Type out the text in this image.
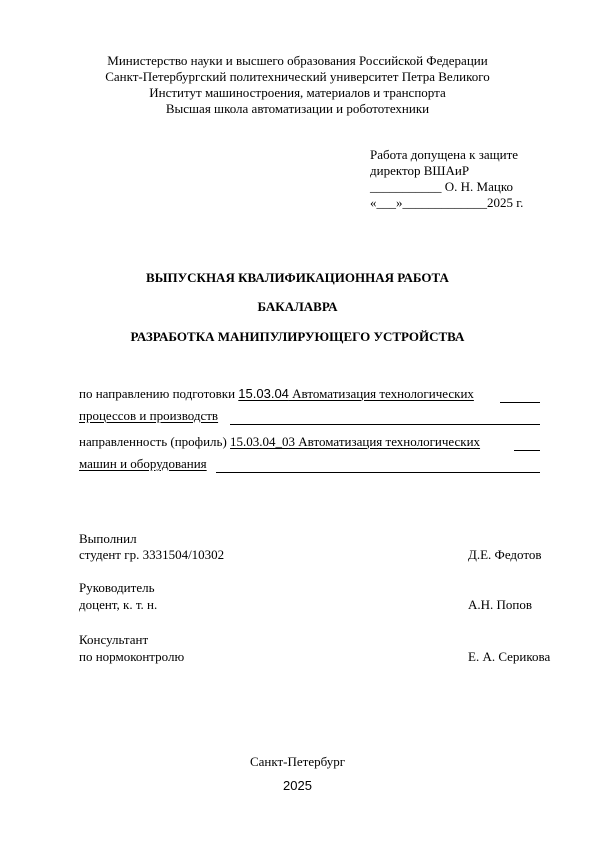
Министерство науки и высшего образования Российской Федерации
Санкт-Петербургский политехнический университет Петра Великого
Институт машиностроения, материалов и транспорта
Высшая школа автоматизации и робототехники
Работа допущена к защите
директор ВШАиР
___________ О. Н. Мацко
«___»_____________2025 г.
ВЫПУСКНАЯ КВАЛИФИКАЦИОННАЯ РАБОТА
БАКАЛАВРА
РАЗРАБОТКА МАНИПУЛИРУЮЩЕГО УСТРОЙСТВА
по направлению подготовки 15.03.04 Автоматизация технологических
процессов и производств
направленность (профиль) 15.03.04_03 Автоматизация технологических
машин и оборудования
Выполнил
студент гр. 3331504/10302	Д.Е. Федотов
Руководитель
доцент, к. т. н.	А.Н. Попов
Консультант
по нормоконтролю	Е. А. Серикова
Санкт-Петербург
2025
